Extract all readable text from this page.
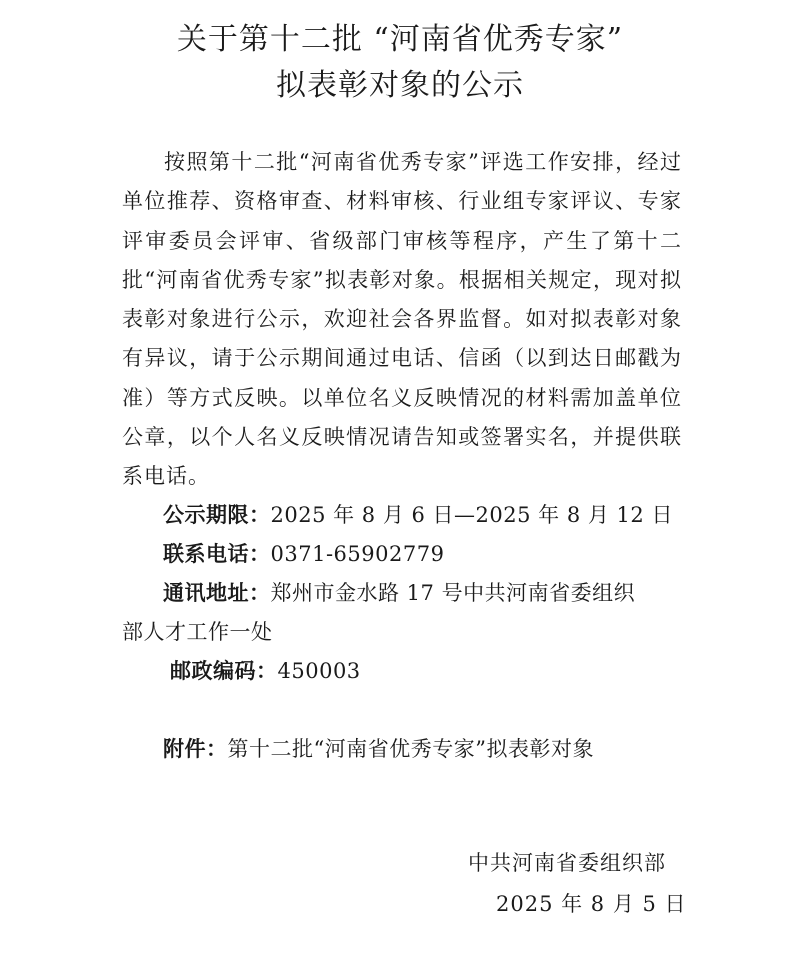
关于第十二批 “河南省优秀专家”
拟表彰对象的公示

按照第十二批“河南省优秀专家”评选工作安排，经过单位推荐、资格审查、材料审核、行业组专家评议、专家评审委员会评审、省级部门审核等程序，产生了第十二批“河南省优秀专家”拟表彰对象。根据相关规定，现对拟表彰对象进行公示，欢迎社会各界监督。如对拟表彰对象有异议，请于公示期间通过电话、信函（以到达日邮戳为准）等方式反映。以单位名义反映情况的材料需加盖单位公章，以个人名义反映情况请告知或签署实名，并提供联系电话。

公示期限：2025 年 8 月 6 日—2025 年 8 月 12 日
联系电话：0371-65902779
通讯地址：郑州市金水路 17 号中共河南省委组织
部人才工作一处
邮政编码：450003
附件：第十二批“河南省优秀专家”拟表彰对象
中共河南省委组织部
2025 年 8 月 5 日
